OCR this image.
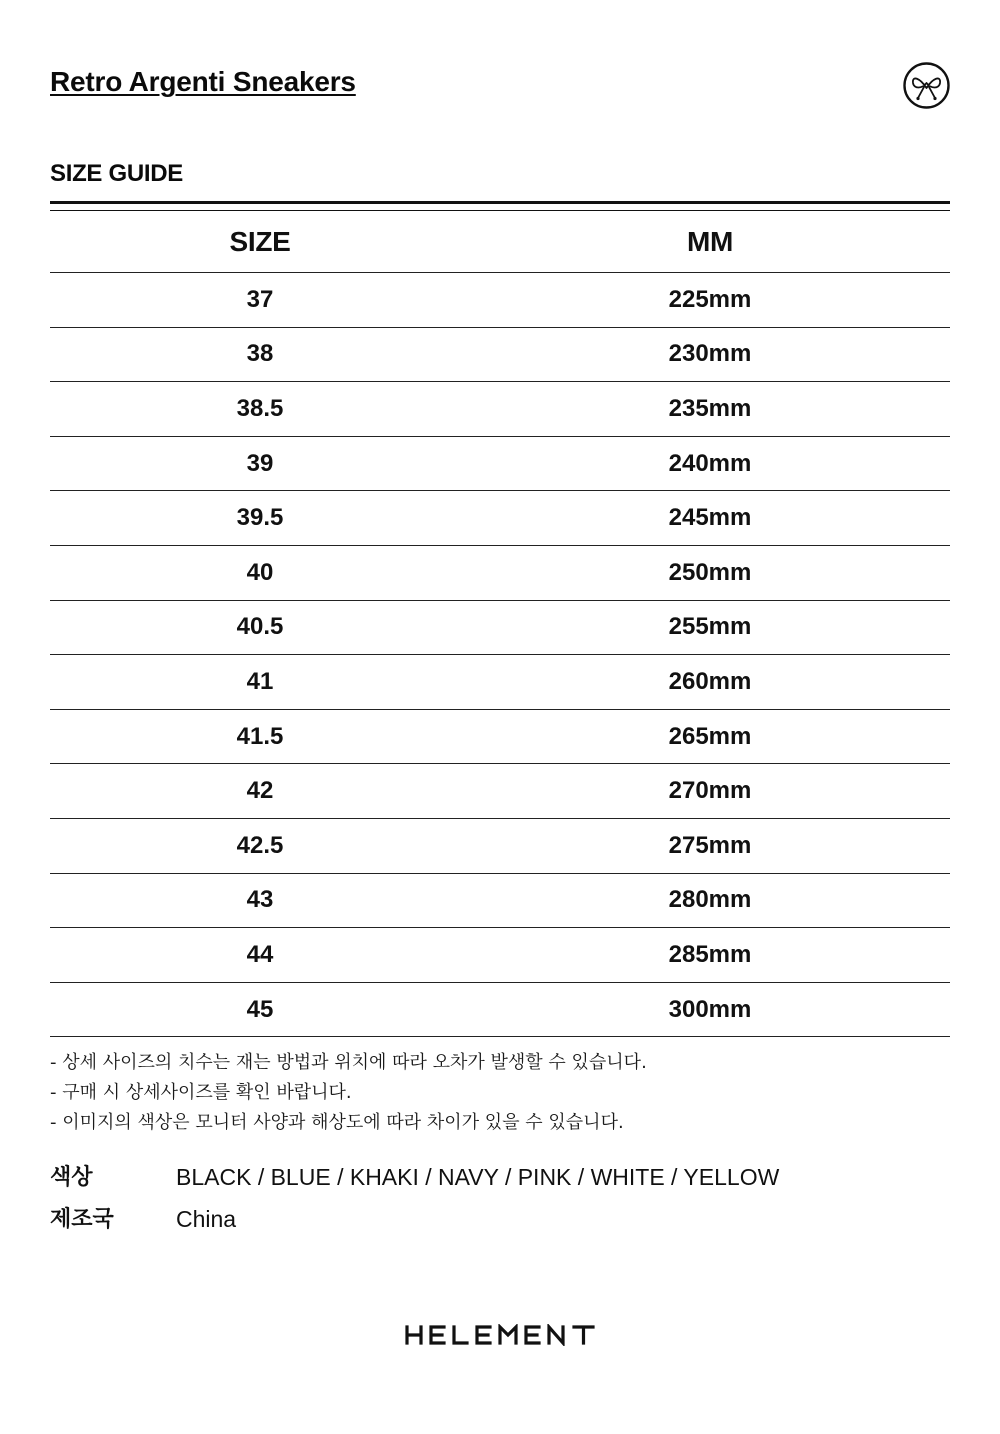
Retro Argenti Sneakers
SIZE GUIDE
SIZE	MM
37	225mm
38	230mm
38.5	235mm
39	240mm
39.5	245mm
40	250mm
40.5	255mm
41	260mm
41.5	265mm
42	270mm
42.5	275mm
43	280mm
44	285mm
45	300mm
- 상세 사이즈의 치수는 재는 방법과 위치에 따라 오차가 발생할 수 있습니다.
- 구매 시 상세사이즈를 확인 바랍니다.
- 이미지의 색상은 모니터 사양과 해상도에 따라 차이가 있을 수 있습니다.
색상	BLACK / BLUE / KHAKI / NAVY / PINK / WHITE / YELLOW
제조국	China
